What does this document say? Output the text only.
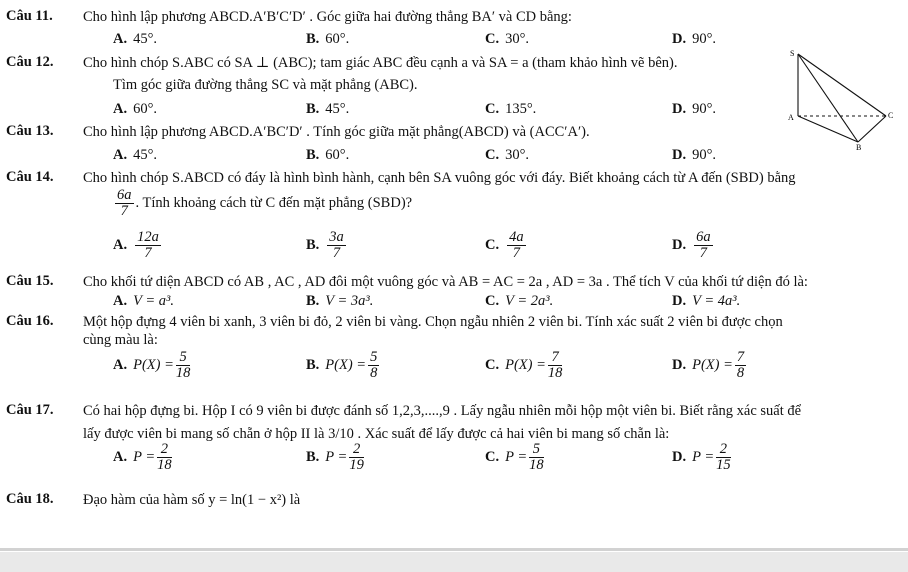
Câu 11. Cho hình lập phương ABCD.A′B′C′D′ . Góc giữa hai đường thẳng BA′ và CD bằng:
A. 45°.	B. 60°.	C. 30°.	D. 90°.
Câu 12. Cho hình chóp S.ABC có SA ⊥ (ABC); tam giác ABC đều cạnh a và SA = a (tham khảo hình vẽ bên).
Tìm góc giữa đường thẳng SC và mặt phẳng (ABC).
A. 60°.	B. 45°.	C. 135°.	D. 90°.
S
A
B
C
Câu 13. Cho hình lập phương ABCD.A′BC′D′ . Tính góc giữa mặt phẳng(ABCD) và (ACC′A′).
A. 45°.	B. 60°.	C. 30°.	D. 90°.
Câu 14. Cho hình chóp S.ABCD có đáy là hình bình hành, cạnh bên SA vuông góc với đáy. Biết khoảng cách từ A đến (SBD) bằng
$\frac{6a}{7}$ . Tính khoảng cách từ C đến mặt phẳng (SBD)?
A. $\frac{12a}{7}$	B. $\frac{3a}{7}$	C. $\frac{4a}{7}$	D. $\frac{6a}{7}$
Câu 15. Cho khối tứ diện ABCD có AB , AC , AD đôi một vuông góc và AB = AC = 2a , AD = 3a . Thể tích V của khối tứ diện đó là:
A. V = a³.	B. V = 3a³.	C. V = 2a³.	D. V = 4a³.
Câu 16. Một hộp đựng 4 viên bi xanh, 3 viên bi đỏ, 2 viên bi vàng. Chọn ngẫu nhiên 2 viên bi. Tính xác suất 2 viên bi được chọn
cùng màu là:
A. $P(X) = \frac{5}{18}$	B. $P(X) = \frac{5}{8}$	C. $P(X) = \frac{7}{18}$	D. $P(X) = \frac{7}{8}$
Câu 17. Có hai hộp đựng bi. Hộp I có 9 viên bi được đánh số 1,2,3,....,9 . Lấy ngẫu nhiên mỗi hộp một viên bi. Biết rằng xác suất để
lấy được viên bi mang số chẵn ở hộp II là 3/10 . Xác suất để lấy được cả hai viên bi mang số chẵn là:
A. $P = \frac{2}{18}$	B. $P = \frac{2}{19}$	C. $P = \frac{5}{18}$	D. $P = \frac{2}{15}$
Câu 18. Đạo hàm của hàm số y = ln(1 − x²) là
